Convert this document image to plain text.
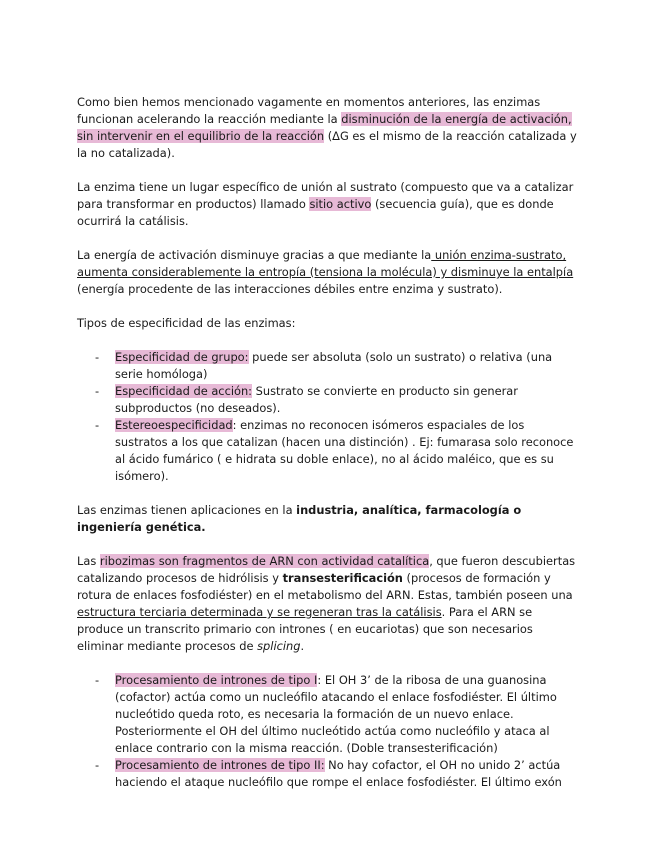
Como bien hemos mencionado vagamente en momentos anteriores, las enzimas funcionan acelerando la reacción mediante la disminución de la energía de activación, sin intervenir en el equilibrio de la reacción (ΔG es el mismo de la reacción catalizada y la no catalizada).

La enzima tiene un lugar específico de unión al sustrato (compuesto que va a catalizar para transformar en productos) llamado sitio activo (secuencia guía), que es donde ocurrirá la catálisis.

La energía de activación disminuye gracias a que mediante la unión enzima-sustrato, aumenta considerablemente la entropía (tensiona la molécula) y disminuye la entalpía (energía procedente de las interacciones débiles entre enzima y sustrato).

Tipos de especificidad de las enzimas:

- Especificidad de grupo: puede ser absoluta (solo un sustrato) o relativa (una serie homóloga)
- Especificidad de acción: Sustrato se convierte en producto sin generar subproductos (no deseados).
- Estereoespecificidad: enzimas no reconocen isómeros espaciales de los sustratos a los que catalizan (hacen una distinción) . Ej: fumarasa solo reconoce al ácido fumárico ( e hidrata su doble enlace), no al ácido maléico, que es su isómero).

Las enzimas tienen aplicaciones en la industria, analítica, farmacología o ingeniería genética.

Las ribozimas son fragmentos de ARN con actividad catalítica, que fueron descubiertas catalizando procesos de hidrólisis y transesterificación (procesos de formación y rotura de enlaces fosfodiéster) en el metabolismo del ARN. Estas, también poseen una estructura terciaria determinada y se regeneran tras la catálisis. Para el ARN se produce un transcrito primario con intrones ( en eucariotas) que son necesarios eliminar mediante procesos de splicing.

- Procesamiento de intrones de tipo I: El OH 3’ de la ribosa de una guanosina (cofactor) actúa como un nucleófilo atacando el enlace fosfodiéster. El último nucleótido queda roto, es necesaria la formación de un nuevo enlace. Posteriormente el OH del último nucleótido actúa como nucleófilo y ataca al enlace contrario con la misma reacción. (Doble transesterificación)
- Procesamiento de intrones de tipo II: No hay cofactor, el OH no unido 2’ actúa haciendo el ataque nucleófilo que rompe el enlace fosfodiéster. El último exón
